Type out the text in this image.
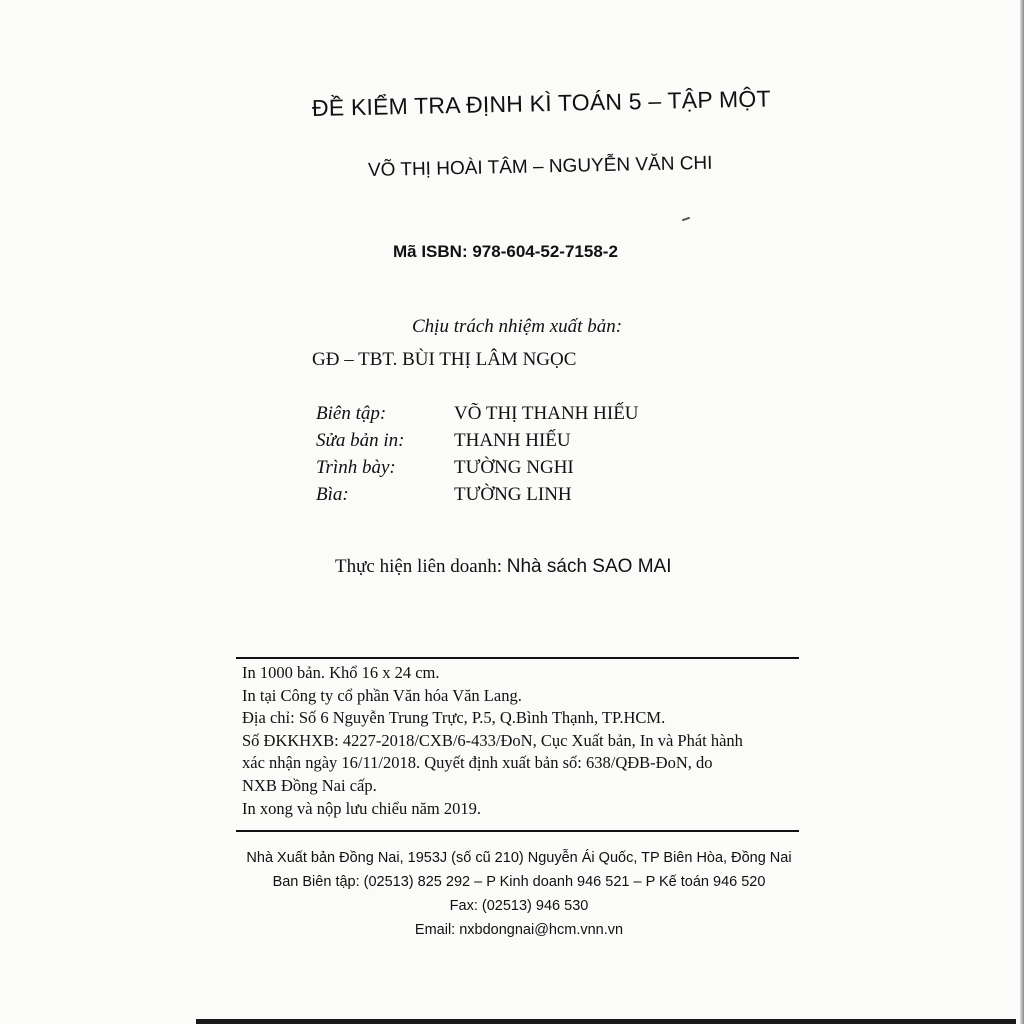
ĐỀ KIỂM TRA ĐỊNH KÌ TOÁN 5 – TẬP MỘT
VÕ THỊ HOÀI TÂM – NGUYỄN VĂN CHI
Mã ISBN: 978-604-52-7158-2
Chịu trách nhiệm xuất bản:
GĐ – TBT. BÙI THỊ LÂM NGỌC
Biên tập:	VÕ THỊ THANH HIẾU
Sửa bản in:	THANH HIẾU
Trình bày:	TƯỜNG NGHI
Bìa:	TƯỜNG LINH
Thực hiện liên doanh: Nhà sách SAO MAI
In 1000 bản. Khổ 16 x 24 cm.
In tại Công ty cổ phần Văn hóa Văn Lang.
Địa chỉ: Số 6 Nguyễn Trung Trực, P.5, Q.Bình Thạnh, TP.HCM.
Số ĐKKHXB: 4227-2018/CXB/6-433/ĐoN, Cục Xuất bản, In và Phát hành
xác nhận ngày 16/11/2018. Quyết định xuất bản số: 638/QĐB-ĐoN, do
NXB Đồng Nai cấp.
In xong và nộp lưu chiểu năm 2019.
Nhà Xuất bản Đồng Nai, 1953J (số cũ 210) Nguyễn Ái Quốc, TP Biên Hòa, Đồng Nai
Ban Biên tập: (02513) 825 292 – P Kinh doanh 946 521 – P Kế toán 946 520
Fax: (02513) 946 530
Email: nxbdongnai@hcm.vnn.vn
